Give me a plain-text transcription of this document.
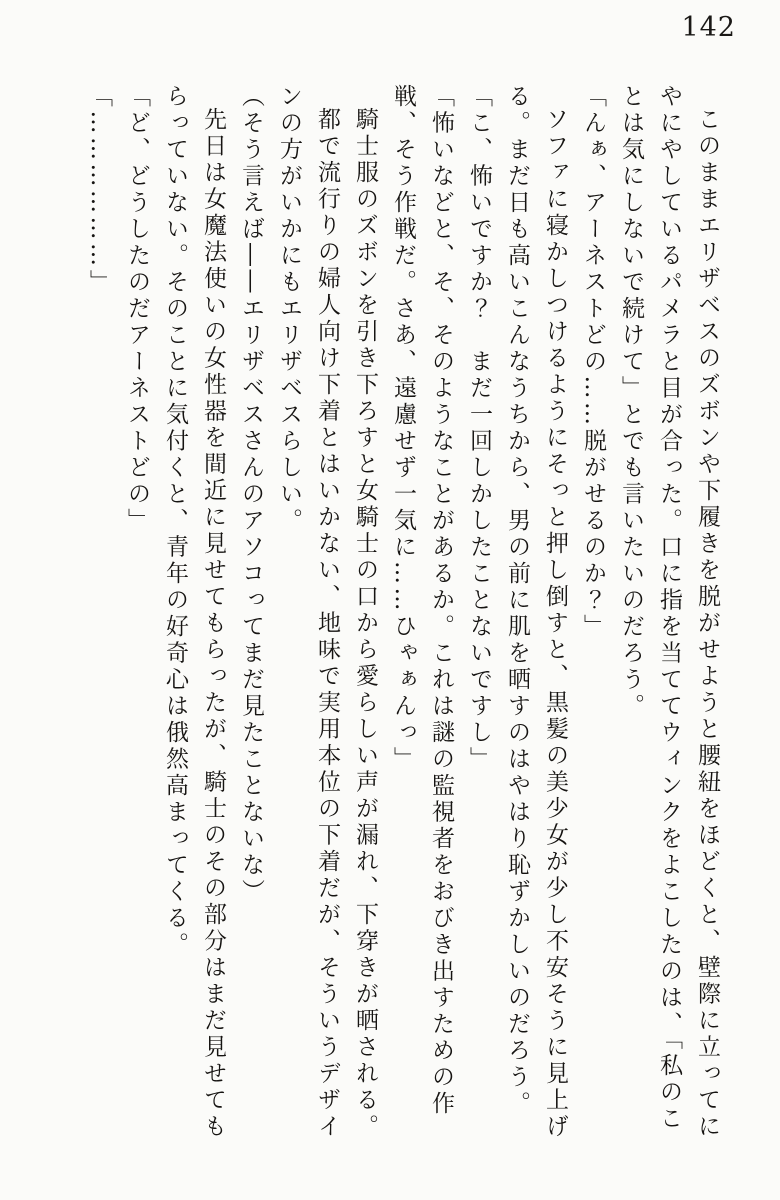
142

このままエリザベスのズボンや下履きを脱がせようと腰紐をほどくと、壁際に立ってにやにやしているパメラと目が合った。口に指を当ててウィンクをよこしたのは、「私のことは気にしないで続けて」とでも言いたいのだろう。

「んぁ、アーネストどの……脱がせるのか？」

ソファに寝かしつけるようにそっと押し倒すと、黒髪の美少女が少し不安そうに見上げる。まだ日も高いこんなうちから、男の前に肌を晒すのはやはり恥ずかしいのだろう。

「こ、怖いですか？　まだ一回しかしたことないですし」

「怖いなどと、そ、そのようなことがあるか。これは謎の監視者をおびき出すための作戦、そう作戦だ。さあ、遠慮せず一気に……ひゃぁんっ」

騎士服のズボンを引き下ろすと女騎士の口から愛らしい声が漏れ、下穿きが晒される。

都で流行りの婦人向け下着とはいかない、地味で実用本位の下着だが、そういうデザインの方がいかにもエリザベスらしい。

（そう言えば――エリザベスさんのアソコってまだ見たことないな）

先日は女魔法使いの女性器を間近に見せてもらったが、騎士のその部分はまだ見せてもらっていない。そのことに気付くと、青年の好奇心は俄然高まってくる。

「ど、どうしたのだアーネストどの」

「………………」
